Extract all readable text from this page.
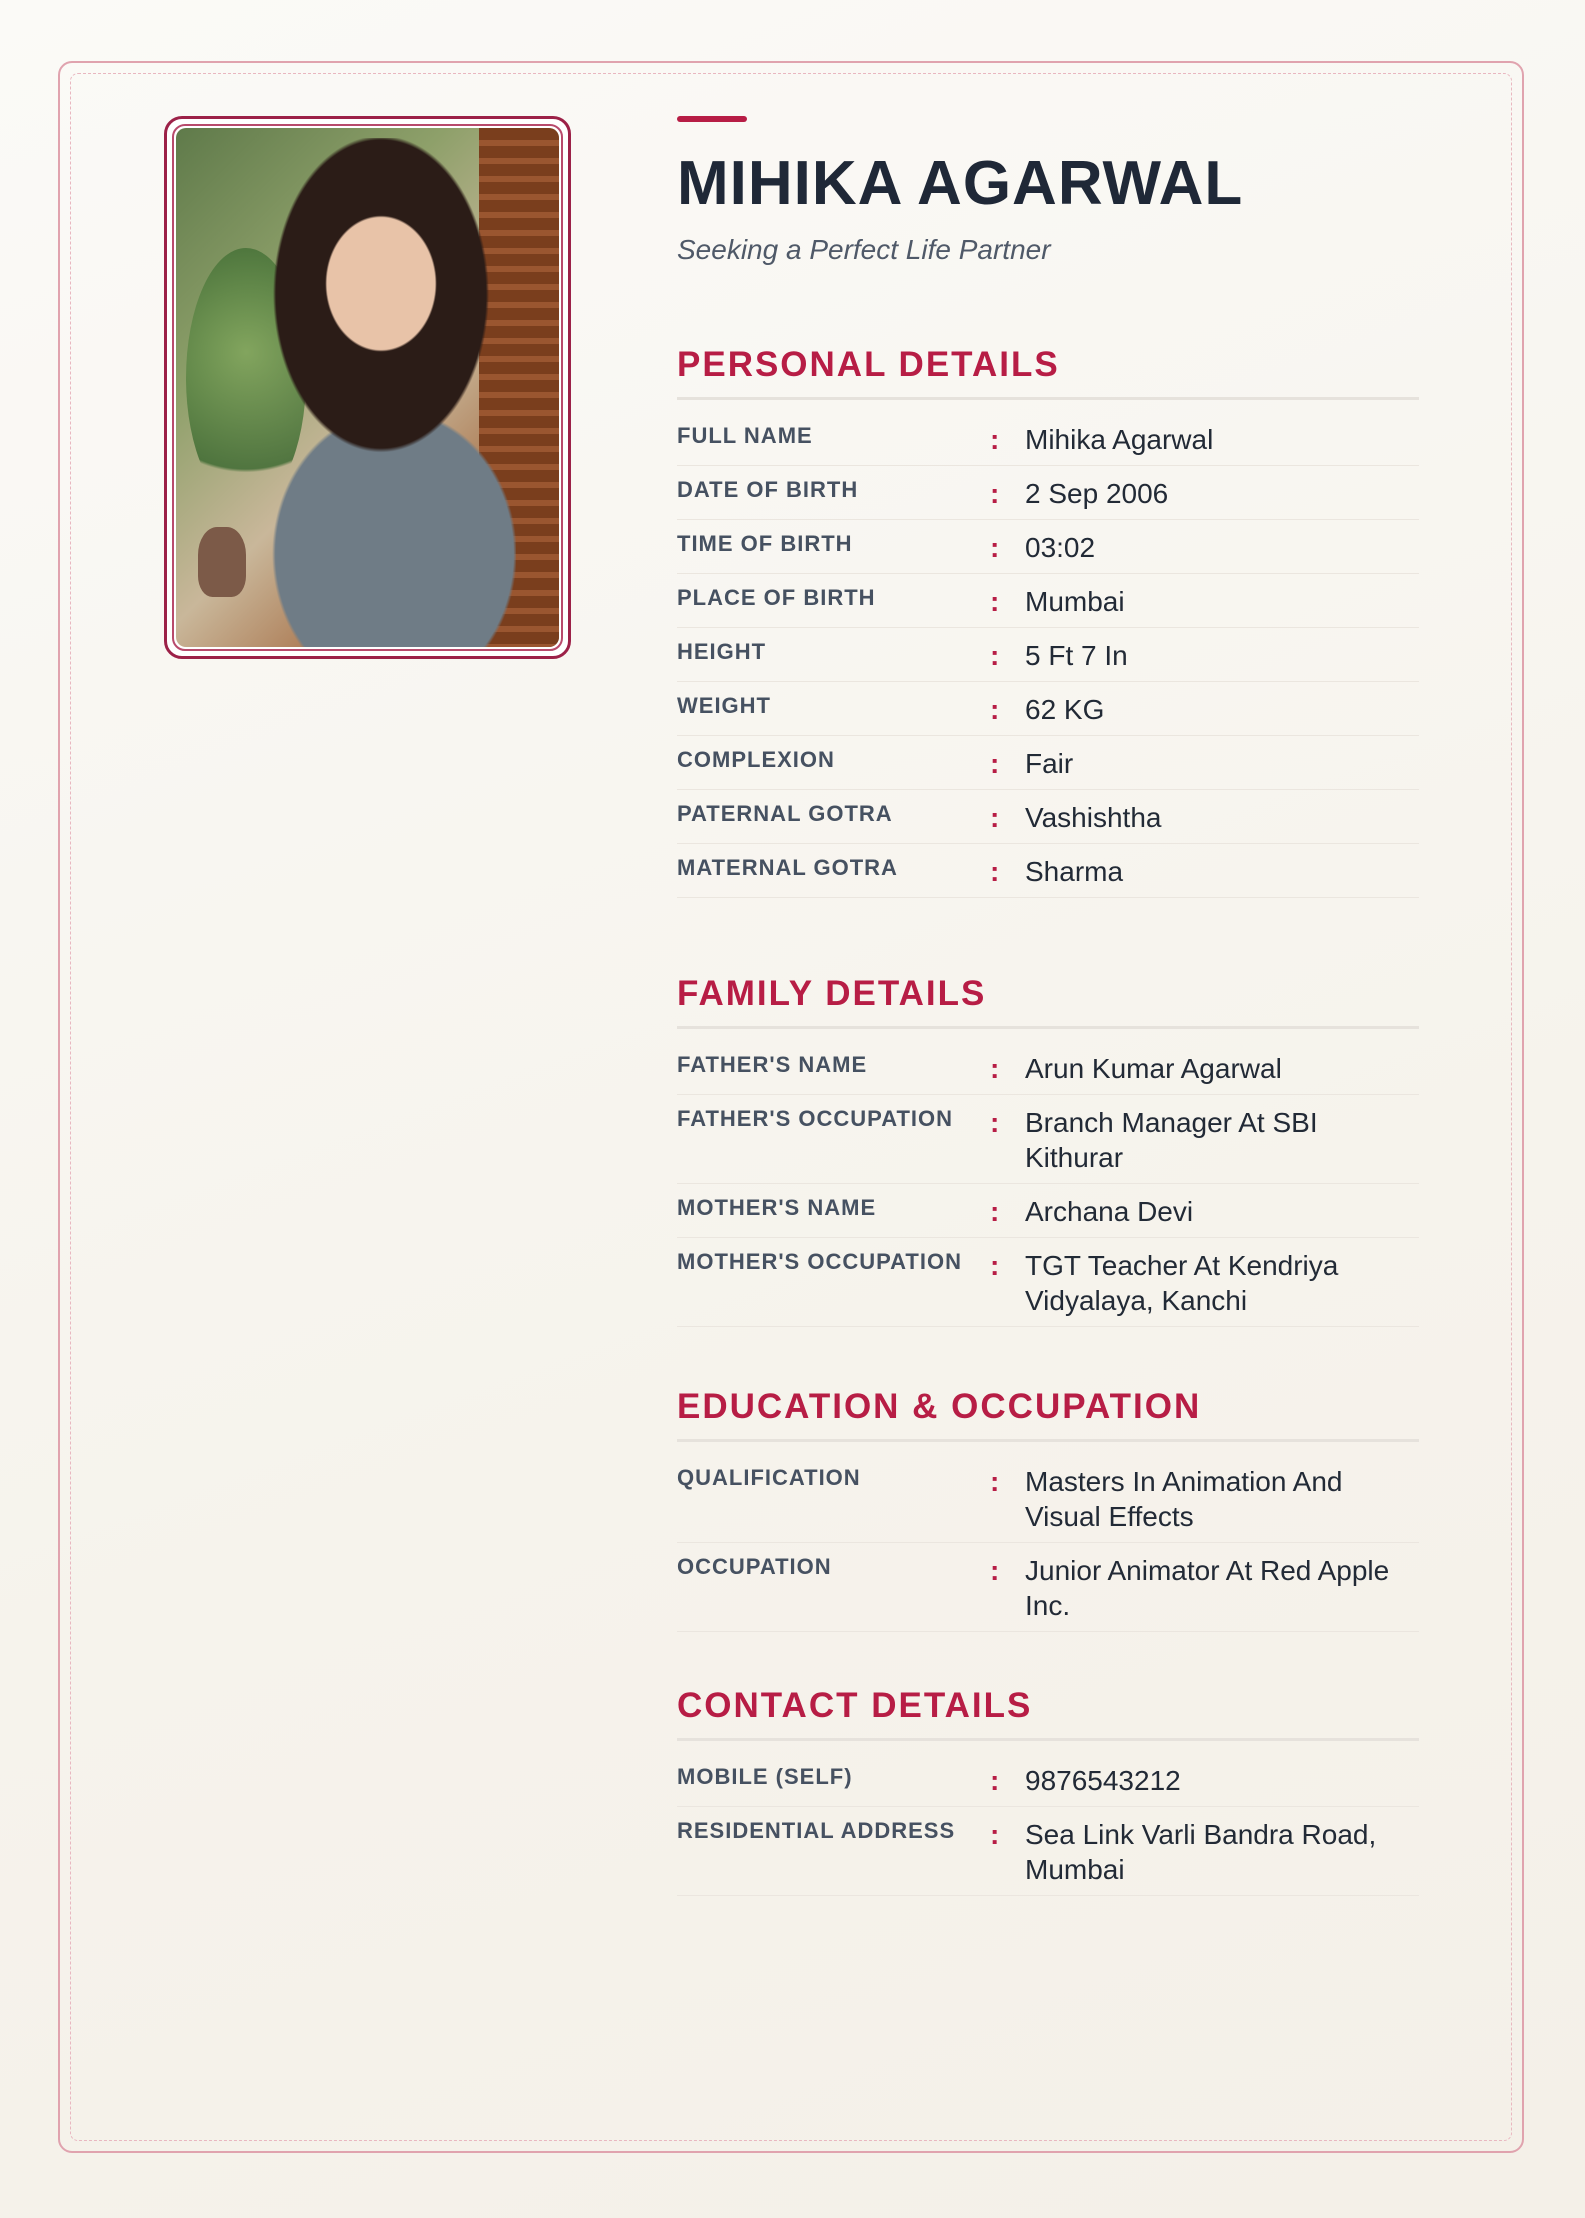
MIHIKA AGARWAL
Seeking a Perfect Life Partner
PERSONAL DETAILS
FULL NAME	: Mihika Agarwal
DATE OF BIRTH	: 2 Sep 2006
TIME OF BIRTH	: 03:02
PLACE OF BIRTH	: Mumbai
HEIGHT	: 5 Ft 7 In
WEIGHT	: 62 KG
COMPLEXION	: Fair
PATERNAL GOTRA	: Vashishtha
MATERNAL GOTRA	: Sharma
FAMILY DETAILS
FATHER'S NAME	: Arun Kumar Agarwal
FATHER'S OCCUPATION	: Branch Manager At SBI Kithurar
MOTHER'S NAME	: Archana Devi
MOTHER'S OCCUPATION	: TGT Teacher At Kendriya Vidyalaya, Kanchi
EDUCATION & OCCUPATION
QUALIFICATION	: Masters In Animation And Visual Effects
OCCUPATION	: Junior Animator At Red Apple Inc.
CONTACT DETAILS
MOBILE (SELF)	: 9876543212
RESIDENTIAL ADDRESS	: Sea Link Varli Bandra Road, Mumbai
